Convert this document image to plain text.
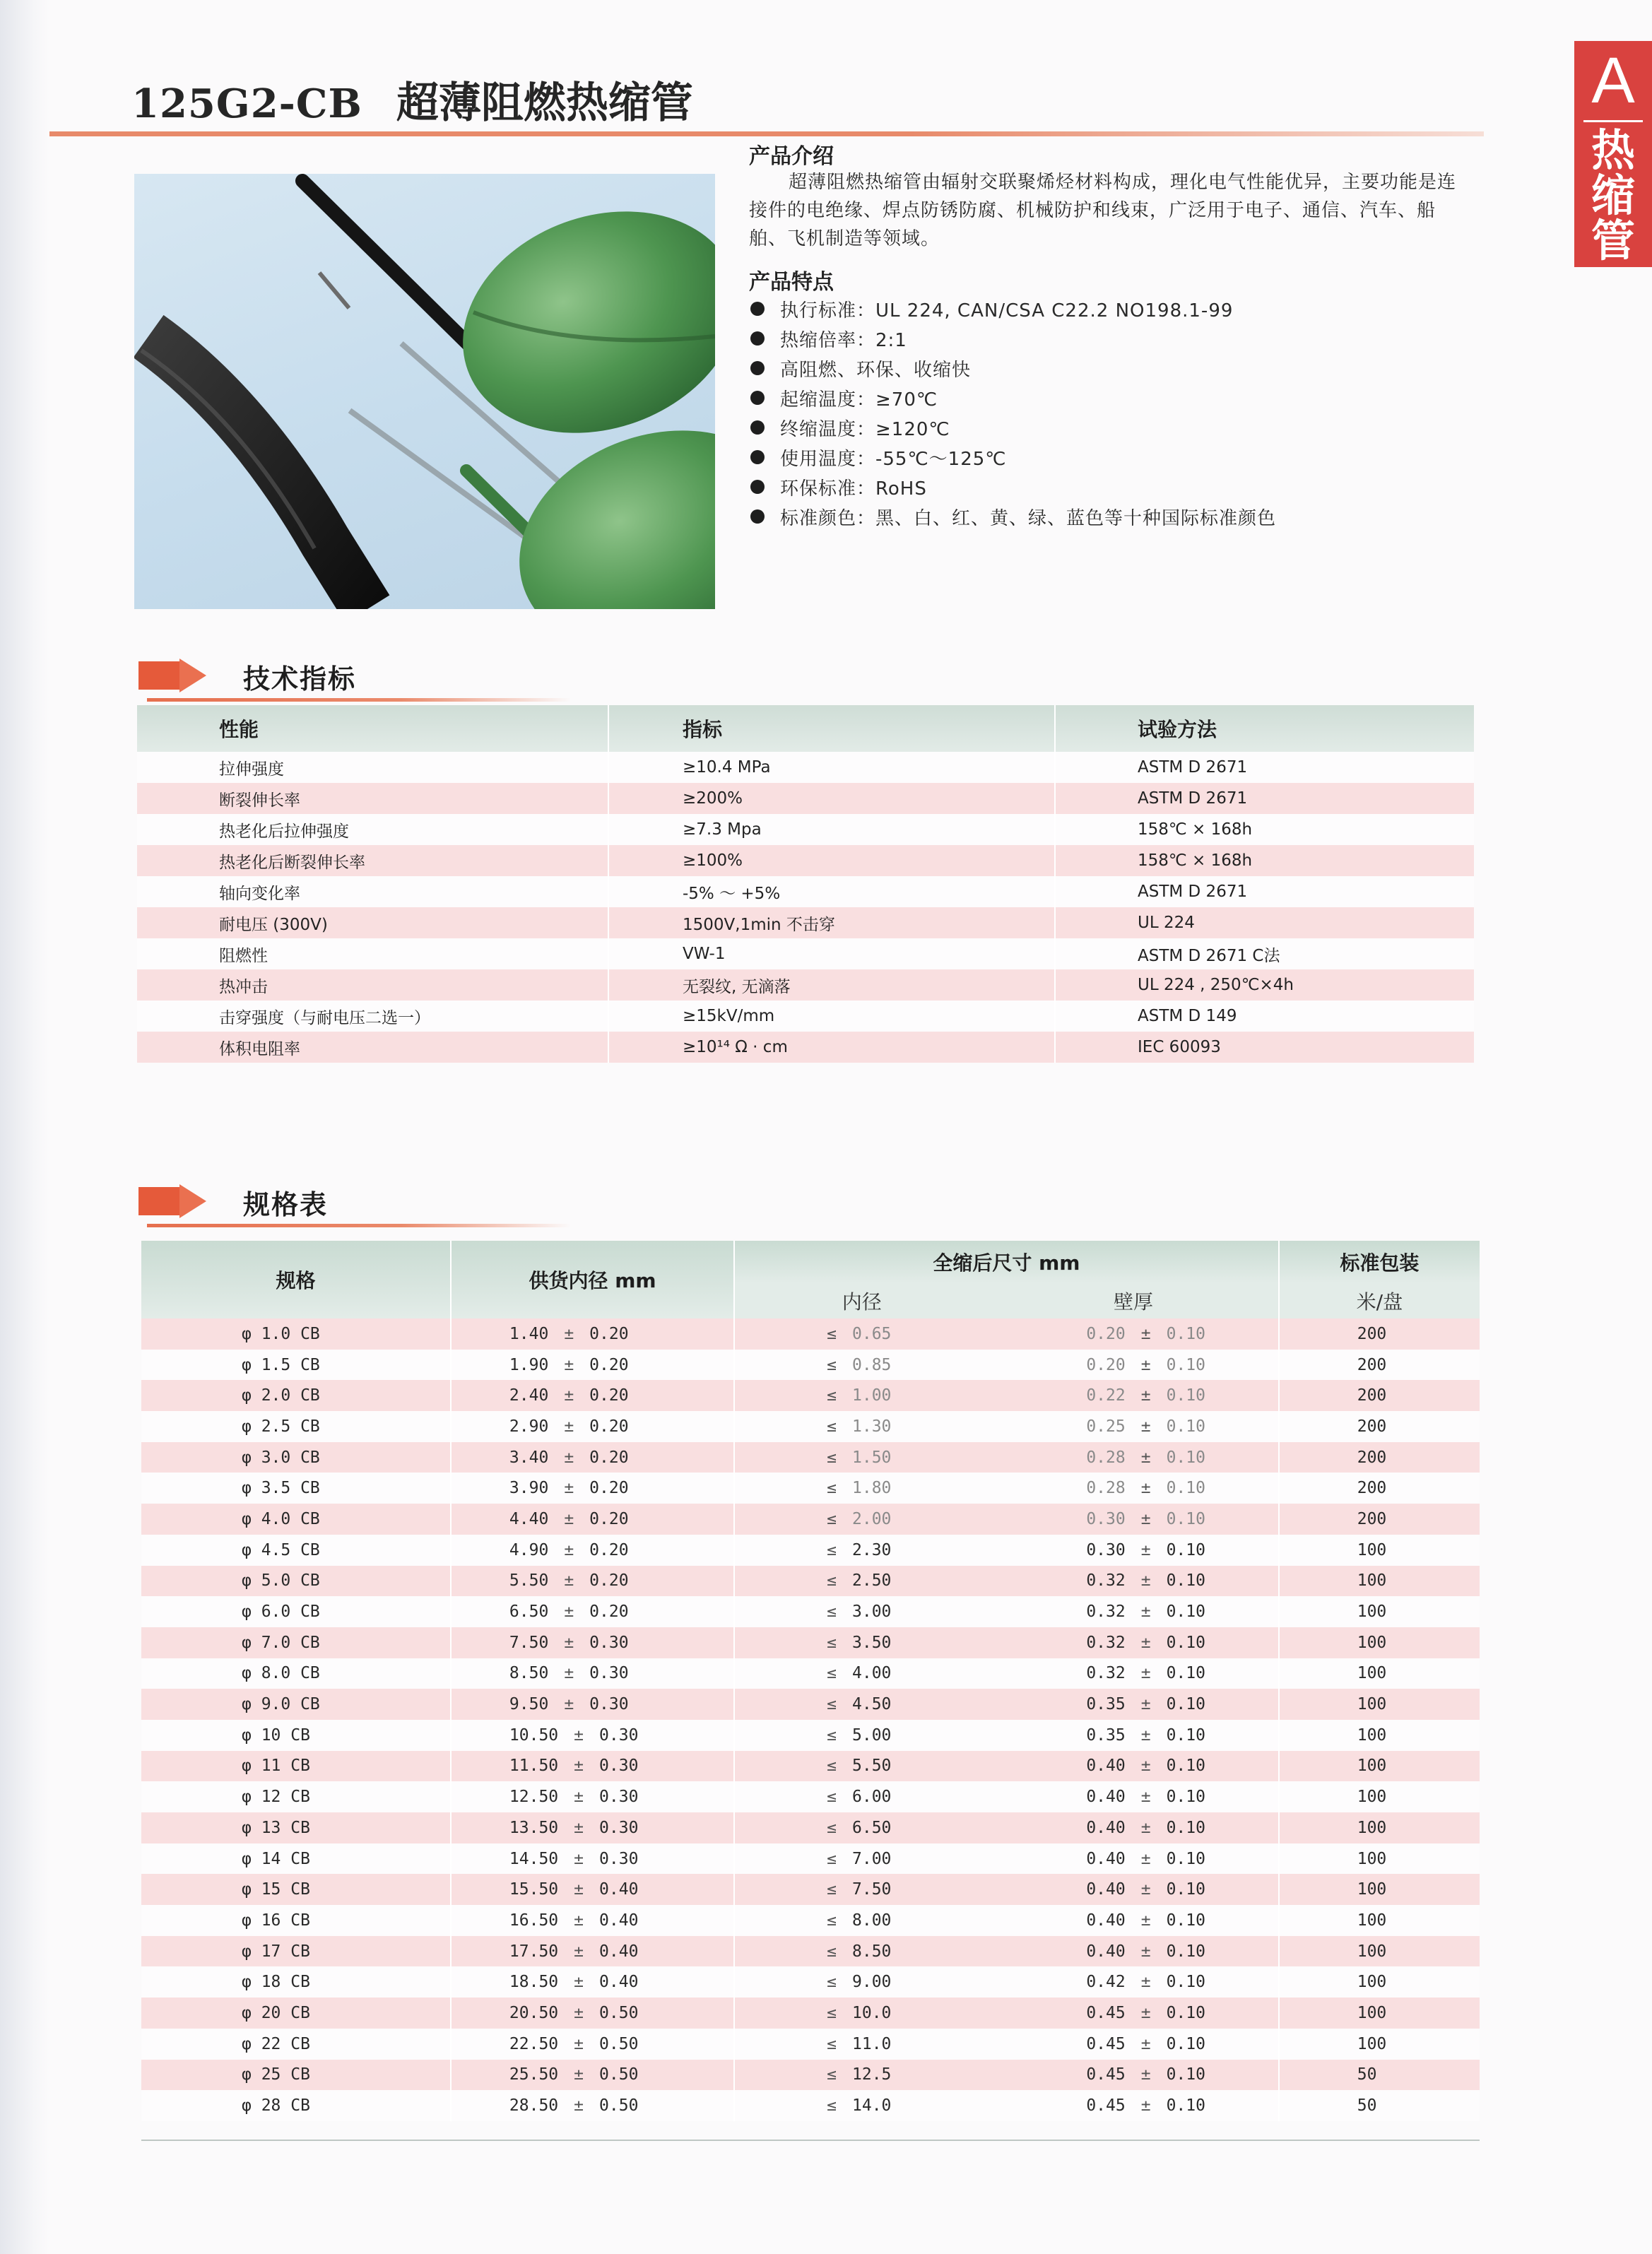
125G2-CB 超薄阻燃热缩管	A
热缩管
产品介绍
超薄阻燃热缩管由辐射交联聚烯烃材料构成，理化电气性能优异，主要功能是连接件的电绝缘、焊点防锈防腐、机械防护和线束，广泛用于电子、通信、汽车、船舶、飞机制造等领域。
产品特点
执行标准：UL 224, CAN/CSA C22.2 NO198.1-99
热缩倍率：2:1
高阻燃、环保、收缩快
起缩温度：≥70℃
终缩温度：≥120℃
使用温度：-55℃～125℃
环保标准：RoHS
标准颜色：黑、白、红、黄、绿、蓝色等十种国际标准颜色
技术指标
性能	指标	试验方法
拉伸强度	≥10.4 MPa	ASTM D 2671
断裂伸长率	≥200%	ASTM D 2671
热老化后拉伸强度	≥7.3 Mpa	158℃ × 168h
热老化后断裂伸长率	≥100%	158℃ × 168h
轴向变化率	-5% ～ +5%	ASTM D 2671
耐电压 (300V)	1500V,1min 不击穿	UL 224
阻燃性	VW-1	ASTM D 2671 C法
热冲击	无裂纹, 无滴落	UL 224 , 250℃×4h
击穿强度（与耐电压二选一）	≥15kV/mm	ASTM D 149
体积电阻率	≥10¹⁴ Ω · cm	IEC 60093
规格表
规格	供货内径 mm	全缩后尺寸 mm		标准包装
		内径	壁厚	米/盘
φ 1.0 CB	1.40 ± 0.20	≤ 0.65	0.20 ± 0.10	200
φ 1.5 CB	1.90 ± 0.20	≤ 0.85	0.20 ± 0.10	200
φ 2.0 CB	2.40 ± 0.20	≤ 1.00	0.22 ± 0.10	200
φ 2.5 CB	2.90 ± 0.20	≤ 1.30	0.25 ± 0.10	200
φ 3.0 CB	3.40 ± 0.20	≤ 1.50	0.28 ± 0.10	200
φ 3.5 CB	3.90 ± 0.20	≤ 1.80	0.28 ± 0.10	200
φ 4.0 CB	4.40 ± 0.20	≤ 2.00	0.30 ± 0.10	200
φ 4.5 CB	4.90 ± 0.20	≤ 2.30	0.30 ± 0.10	100
φ 5.0 CB	5.50 ± 0.20	≤ 2.50	0.32 ± 0.10	100
φ 6.0 CB	6.50 ± 0.20	≤ 3.00	0.32 ± 0.10	100
φ 7.0 CB	7.50 ± 0.30	≤ 3.50	0.32 ± 0.10	100
φ 8.0 CB	8.50 ± 0.30	≤ 4.00	0.32 ± 0.10	100
φ 9.0 CB	9.50 ± 0.30	≤ 4.50	0.35 ± 0.10	100
φ 10 CB	10.50 ± 0.30	≤ 5.00	0.35 ± 0.10	100
φ 11 CB	11.50 ± 0.30	≤ 5.50	0.40 ± 0.10	100
φ 12 CB	12.50 ± 0.30	≤ 6.00	0.40 ± 0.10	100
φ 13 CB	13.50 ± 0.30	≤ 6.50	0.40 ± 0.10	100
φ 14 CB	14.50 ± 0.30	≤ 7.00	0.40 ± 0.10	100
φ 15 CB	15.50 ± 0.40	≤ 7.50	0.40 ± 0.10	100
φ 16 CB	16.50 ± 0.40	≤ 8.00	0.40 ± 0.10	100
φ 17 CB	17.50 ± 0.40	≤ 8.50	0.40 ± 0.10	100
φ 18 CB	18.50 ± 0.40	≤ 9.00	0.42 ± 0.10	100
φ 20 CB	20.50 ± 0.50	≤ 10.0	0.45 ± 0.10	100
φ 22 CB	22.50 ± 0.50	≤ 11.0	0.45 ± 0.10	100
φ 25 CB	25.50 ± 0.50	≤ 12.5	0.45 ± 0.10	50
φ 28 CB	28.50 ± 0.50	≤ 14.0	0.45 ± 0.10	50
